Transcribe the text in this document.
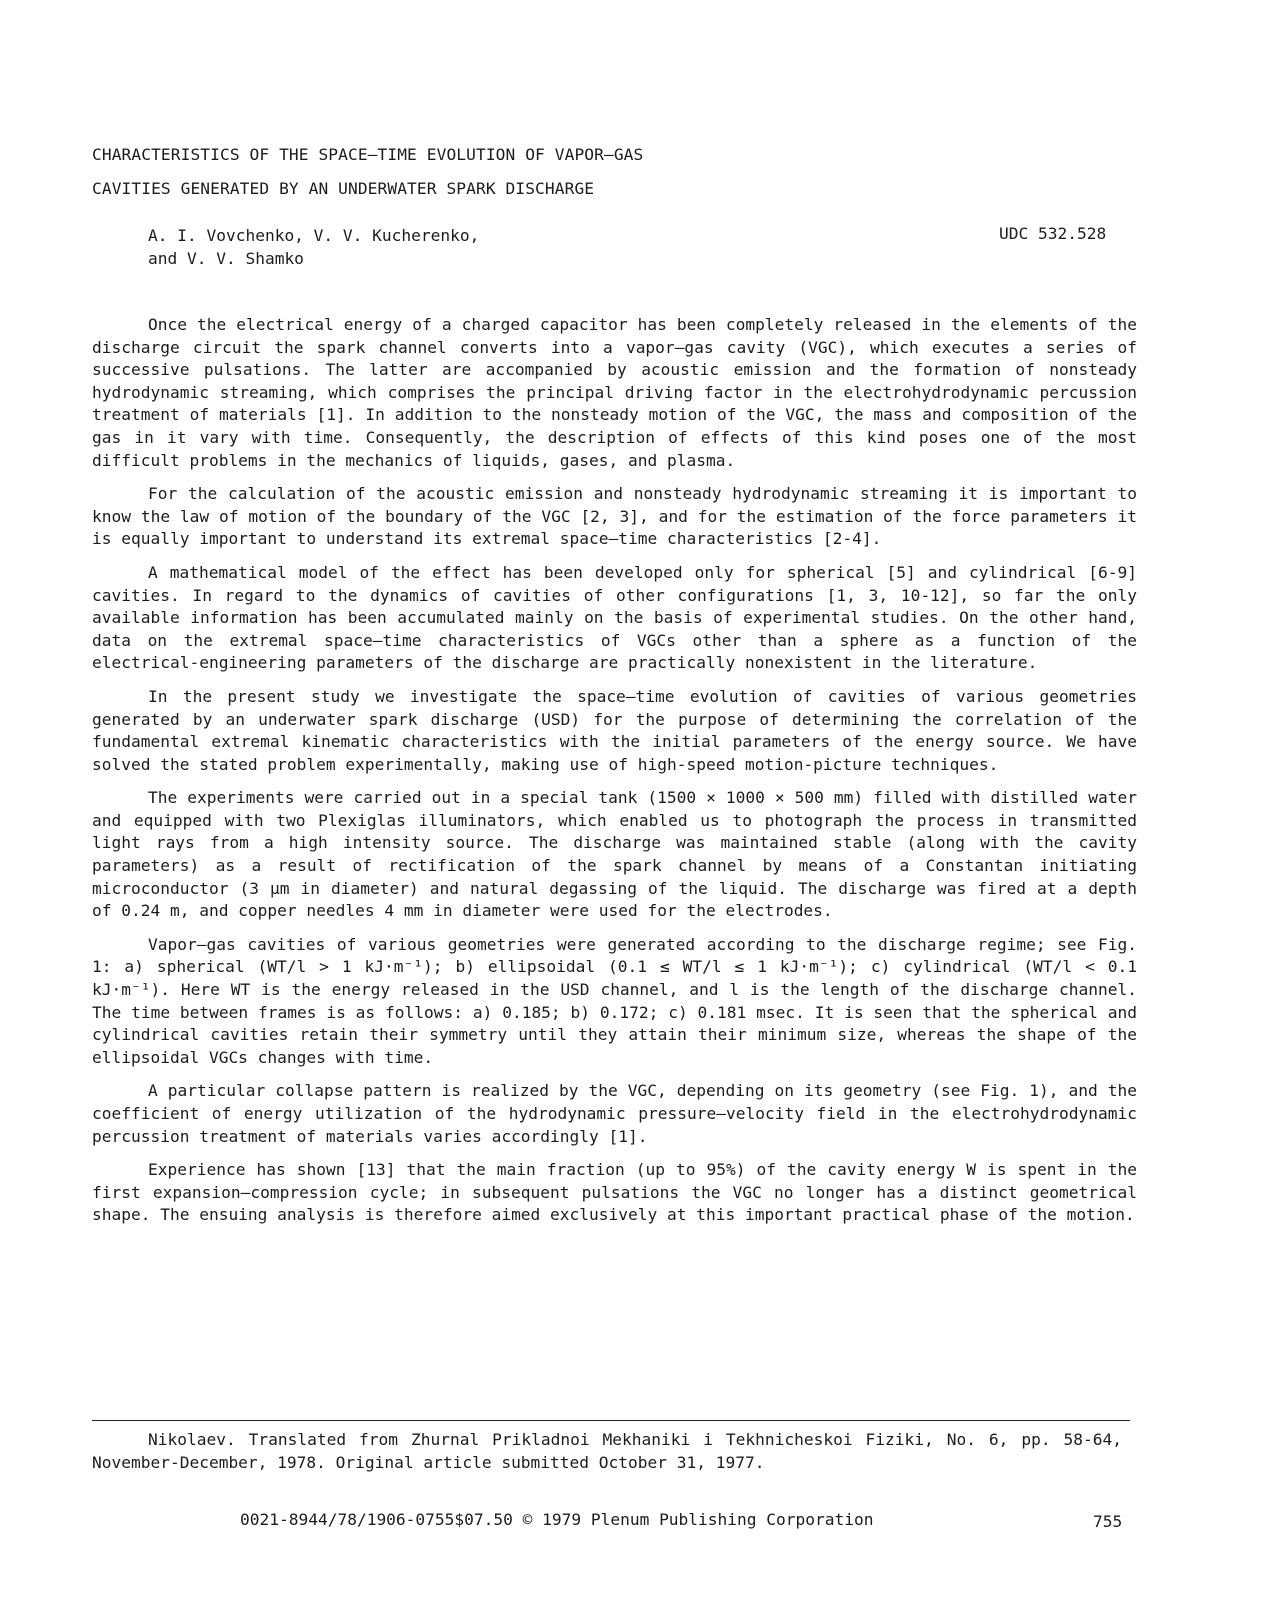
CHARACTERISTICS OF THE SPACE—TIME EVOLUTION OF VAPOR—GAS
CAVITIES GENERATED BY AN UNDERWATER SPARK DISCHARGE
A. I. Vovchenko, V. V. Kucherenko,
and V. V. Shamko
UDC 532.528

Once the electrical energy of a charged capacitor has been completely released in the elements of the discharge circuit the spark channel converts into a vapor—gas cavity (VGC), which executes a series of successive pulsations. The latter are accompanied by acoustic emission and the formation of nonsteady hydrodynamic streaming, which comprises the principal driving factor in the electrohydrodynamic percussion treatment of materials [1]. In addition to the nonsteady motion of the VGC, the mass and composition of the gas in it vary with time. Consequently, the description of effects of this kind poses one of the most difficult problems in the mechanics of liquids, gases, and plasma.

For the calculation of the acoustic emission and nonsteady hydrodynamic streaming it is important to know the law of motion of the boundary of the VGC [2, 3], and for the estimation of the force parameters it is equally important to understand its extremal space—time characteristics [2-4].

A mathematical model of the effect has been developed only for spherical [5] and cylindrical [6-9] cavities. In regard to the dynamics of cavities of other configurations [1, 3, 10-12], so far the only available information has been accumulated mainly on the basis of experimental studies. On the other hand, data on the extremal space—time characteristics of VGCs other than a sphere as a function of the electrical-engineering parameters of the discharge are practically nonexistent in the literature.

In the present study we investigate the space—time evolution of cavities of various geometries generated by an underwater spark discharge (USD) for the purpose of determining the correlation of the fundamental extremal kinematic characteristics with the initial parameters of the energy source. We have solved the stated problem experimentally, making use of high-speed motion-picture techniques.

The experiments were carried out in a special tank (1500 × 1000 × 500 mm) filled with distilled water and equipped with two Plexiglas illuminators, which enabled us to photograph the process in transmitted light rays from a high intensity source. The discharge was maintained stable (along with the cavity parameters) as a result of rectification of the spark channel by means of a Constantan initiating microconductor (3 μm in diameter) and natural degassing of the liquid. The discharge was fired at a depth of 0.24 m, and copper needles 4 mm in diameter were used for the electrodes.

Vapor—gas cavities of various geometries were generated according to the discharge regime; see Fig. 1: a) spherical (WT/l > 1 kJ·m⁻¹); b) ellipsoidal (0.1 ≤ WT/l ≤ 1 kJ·m⁻¹); c) cylindrical (WT/l < 0.1 kJ·m⁻¹). Here WT is the energy released in the USD channel, and l is the length of the discharge channel. The time between frames is as follows: a) 0.185; b) 0.172; c) 0.181 msec. It is seen that the spherical and cylindrical cavities retain their symmetry until they attain their minimum size, whereas the shape of the ellipsoidal VGCs changes with time.

A particular collapse pattern is realized by the VGC, depending on its geometry (see Fig. 1), and the coefficient of energy utilization of the hydrodynamic pressure—velocity field in the electrohydrodynamic percussion treatment of materials varies accordingly [1].

Experience has shown [13] that the main fraction (up to 95%) of the cavity energy W is spent in the first expansion—compression cycle; in subsequent pulsations the VGC no longer has a distinct geometrical shape. The ensuing analysis is therefore aimed exclusively at this important practical phase of the motion.

Nikolaev. Translated from Zhurnal Prikladnoi Mekhaniki i Tekhnicheskoi Fiziki, No. 6, pp. 58-64, November-December, 1978. Original article submitted October 31, 1977.
0021-8944/78/1906-0755$07.50 © 1979 Plenum Publishing Corporation	755
